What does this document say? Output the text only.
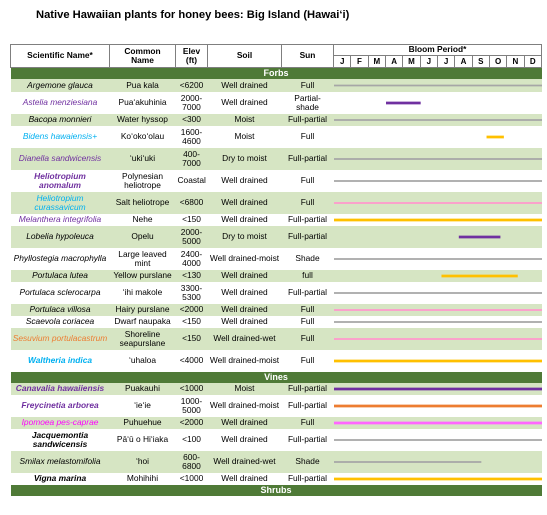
Native Hawaiian plants for honey bees: Big Island (Hawai‘i)
Scientific Name*	Common Name	Elev (ft)	Soil	Sun	Bloom Period*											
					J	F	M	A	M	J	J	A	S	O	N	D
Forbs																
Argemone glauca	Pua kala	<6200	Well drained	Full	

Astelia menziesiana	Pua‘akuhinia	2000-7000	Well drained	Partial-shade	

Bacopa monnieri	Water hyssop	<300	Moist	Full-partial	

Bidens hawaiensis+	Ko‘oko‘olau	1600-4600	Moist	Full	

Dianella sandwicensis	‘uki‘uki	400-7000	Dry to moist	Full-partial	

Heliotropium anomalum	Polynesian heliotrope	Coastal	Well drained	Full	

Heliotropium curassavicum	Salt heliotrope	<6800	Well drained	Full	

Melanthera integrifolia	Nehe	<150	Well drained	Full-partial	

Lobelia hypoleuca	Opelu	2000-5000	Dry to moist	Full-partial	

Phyllostegia macrophylla	Large leaved mint	2400-4000	Well drained-moist	Shade	

Portulaca lutea	Yellow purslane	<130	Well drained	full	

Portulaca sclerocarpa	‘ihi makole	3300-5300	Well drained	Full-partial	

Portulaca villosa	Hairy purslane	<2000	Well drained	Full	

Scaevola coriacea	Dwarf naupaka	<150	Well drained	Full	

Sesuvium portulacastrum	Shoreline seapurslane	<150	Well drained-wet	Full	

Waltheria indica	‘uhaloa	<4000	Well drained-moist	Full	

Vines																
Canavalia hawaiiensis	Puakauhi	<1000	Moist	Full-partial	

Freycinetia arborea	‘ie‘ie	1000-5000	Well drained-moist	Full-partial	

Ipomoea pes-caprae	Puhuehue	<2000	Well drained	Full	

Jacquemontia sandwicensis	Pā‘ū o Hi‘iaka	<100	Well drained	Full-partial	

Smilax melastomifolia	‘hoi	600-6800	Well drained-wet	Shade	

Vigna marina	Mohihihi	<1000	Well drained	Full-partial	

Shrubs																
